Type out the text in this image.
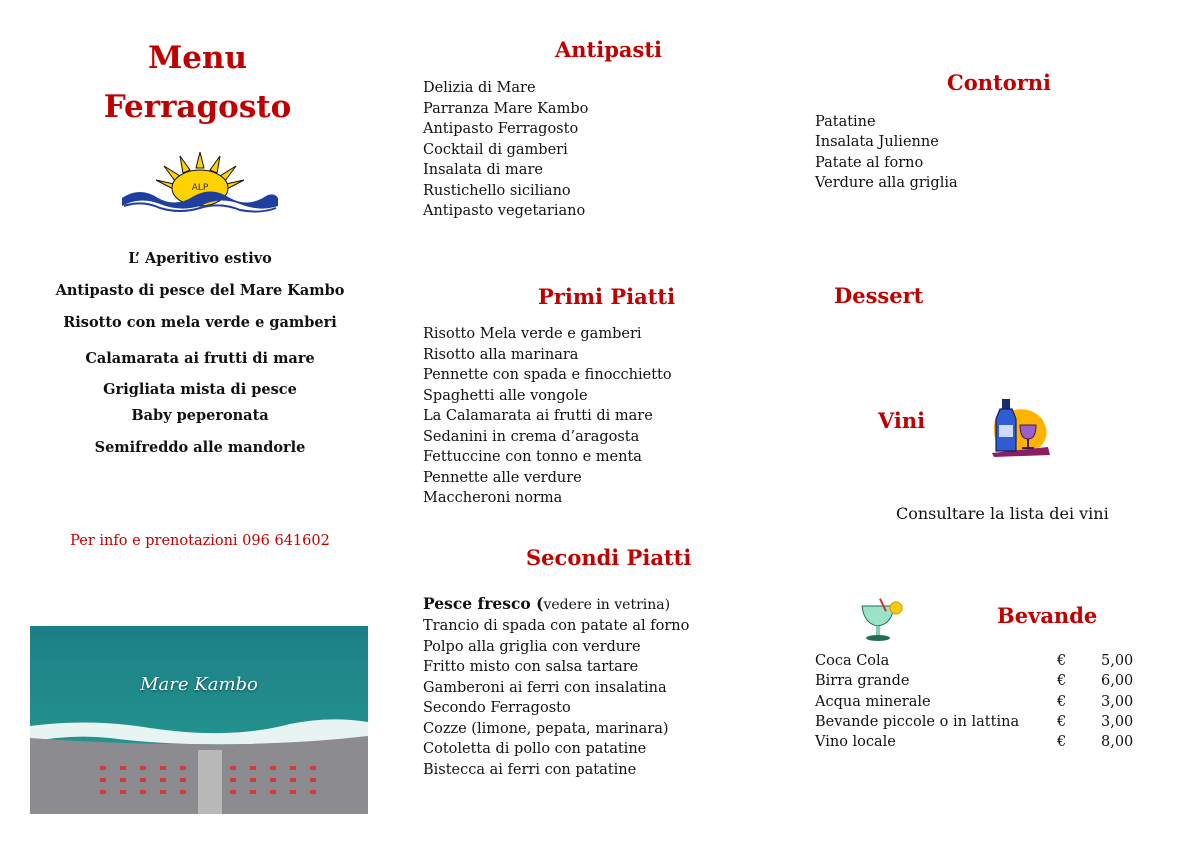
Menu
Ferragosto
ALP
L’ Aperitivo estivo
Antipasto di pesce del Mare Kambo
Risotto con mela verde e gamberi
Calamarata ai frutti di mare
Grigliata mista di pesce
Baby peperonata
Semifreddo alle mandorle
Per info e prenotazioni 096 641602
Mare Kambo
Antipasti
Delizia di Mare
Parranza Mare Kambo
Antipasto Ferragosto
Cocktail di gamberi
Insalata di mare
Rustichello siciliano
Antipasto vegetariano
Primi Piatti
Risotto Mela verde e gamberi
Risotto alla marinara
Pennette con spada e finocchietto
Spaghetti alle vongole
La Calamarata ai frutti di mare
Sedanini in crema d’aragosta
Fettuccine con tonno e menta
Pennette alle verdure
Maccheroni norma
Secondi Piatti
Pesce fresco (vedere in vetrina)
Trancio di spada con patate al forno
Polpo alla griglia con verdure
Fritto misto con salsa tartare
Gamberoni ai ferri con insalatina
Secondo Ferragosto
Cozze (limone, pepata, marinara)
Cotoletta di pollo con patatine
Bistecca ai ferri con patatine
Contorni
Patatine
Insalata Julienne
Patate al forno
Verdure alla griglia
Dessert
Vini
Consultare la lista dei vini
Bevande
Coca Cola	€ 5,00
Birra grande	€ 6,00
Acqua minerale	€ 3,00
Bevande piccole o in lattina	€ 3,00
Vino locale	€ 8,00
